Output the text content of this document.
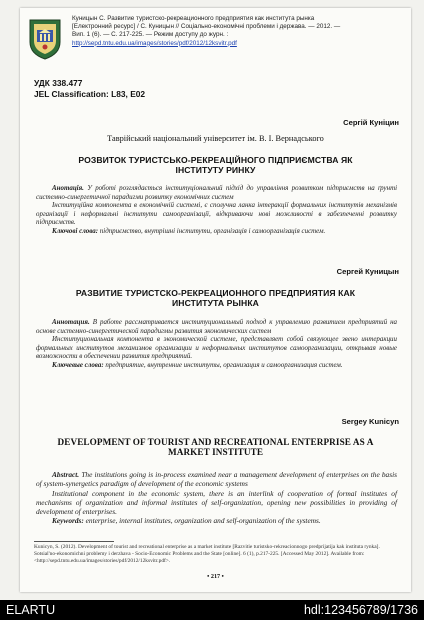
Куницын С. Развитие туристско-рекреационного предприятия как института рынка
[Електронний ресурс] / С. Куницын // Соціально-економічні проблеми і держава. — 2012. —
Вип. 1 (6). — С. 217-225. — Режим доступу до журн. :
http://sepd.tntu.edu.ua/images/stories/pdf/2012/12ksvitr.pdf
УДК 338.477
JEL Classification: L83, E02
Сергій Куніцин
Таврійський національний університет ім. В. І. Вернадського
РОЗВИТОК ТУРИСТСЬКО-РЕКРЕАЦІЙНОГО ПІДПРИЄМСТВА ЯК
ІНСТИТУТУ РИНКУ
Анотація. У роботі розглядається інституціональний підхід до управління розвитком підприємств на ґрунті системно-синергетичної парадигми розвитку економічних систем
Інституційна компонента в економічній системі, є сполучна ланка інтеракції формальних інститутів механізмів організації і неформальні інститути самоорганізації, відкриваючи нові можливості в забезпеченні розвитку підприємств.
Ключові слова: підприємство, внутрішні інститути, організація і самоорганізація систем.
Сергей Куницын
РАЗВИТИЕ ТУРИСТСКО-РЕКРЕАЦИОННОГО ПРЕДПРИЯТИЯ КАК
ИНСТИТУТА РЫНКА
Аннотация. В работе рассматривается институциональный подход к управлению развитием предприятий на основе системно-синергетической парадигмы развития экономических систем
Институциональная компонента в экономической системе, представляет собой связующее звено интеракции формальных институтов механизмов организации и неформальных институтов самоорганизации, открывая новые возможности в обеспечении развития предприятий.
Ключевые слова: предприятие, внутренние институты, организация и самоорганизация систем.
Sergey Kunicyn
DEVELOPMENT OF TOURIST AND RECREATIONAL ENTERPRISE AS A
MARKET INSTITUTE
Abstract. The institutions going is in-process examined near a management development of enterprises on the basis of system-synergetics paradigm of development of the economic systems
Institutional component in the economic system, there is an interlink of cooperation of formal institutes of mechanisms of organization and informal institutes of self-organization, opening new possibilities in providing of development of enterprises.
Keywords: enterprise, internal institutes, organization and self-organization of the systems.
Kunicyn, S. (2012). Development of tourist and recreational enterprise as a market institute [Razvitie turistsko-rekreacionnogo predprijatija kak instituta rynka]. Sotsial'no-ekonomichni problemy i derzhava - Socio-Economic Problems and the State [online]. 6 (1), p.217-225. [Accessed May 2012]. Available from: <http://sepd.tntu.edu.ua/images/stories/pdf/2012/12ksvitr.pdf>.
• 217 •
ELARTU	hdl:123456789/1736
